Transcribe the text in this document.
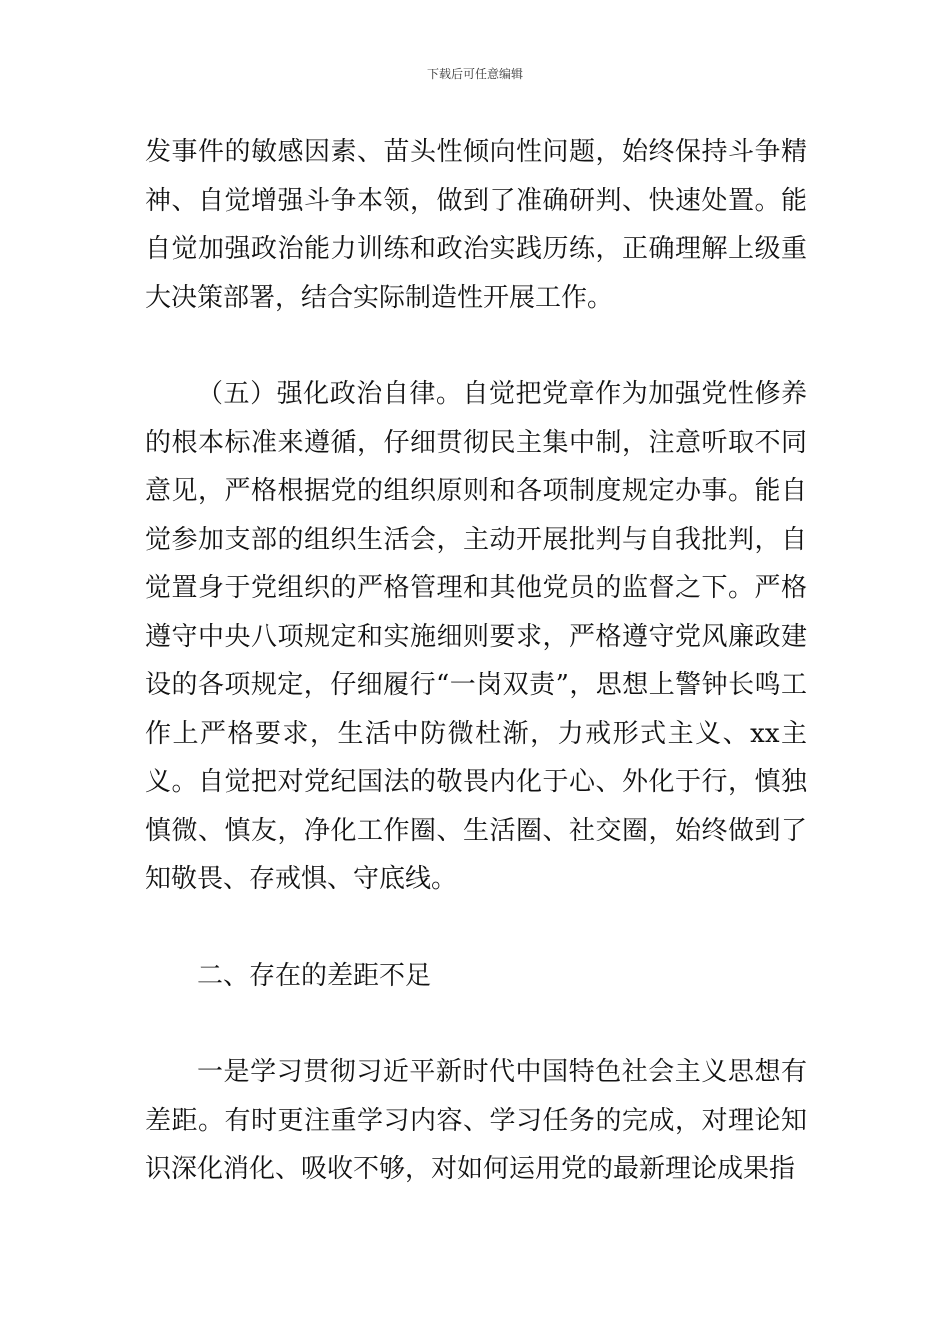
下载后可任意编辑

发事件的敏感因素、苗头性倾向性问题，始终保持斗争精神、自觉增强斗争本领，做到了准确研判、快速处置。能自觉加强政治能力训练和政治实践历练，正确理解上级重大决策部署，结合实际制造性开展工作。

（五）强化政治自律。自觉把党章作为加强党性修养的根本标准来遵循，仔细贯彻民主集中制，注意听取不同意见，严格根据党的组织原则和各项制度规定办事。能自觉参加支部的组织生活会，主动开展批判与自我批判，自觉置身于党组织的严格管理和其他党员的监督之下。严格遵守中央八项规定和实施细则要求，严格遵守党风廉政建设的各项规定，仔细履行“一岗双责”，思想上警钟长鸣工作上严格要求，生活中防微杜渐，力戒形式主义、xx主义。自觉把对党纪国法的敬畏内化于心、外化于行，慎独慎微、慎友，净化工作圈、生活圈、社交圈，始终做到了知敬畏、存戒惧、守底线。

二、存在的差距不足

一是学习贯彻习近平新时代中国特色社会主义思想有差距。有时更注重学习内容、学习任务的完成，对理论知识深化消化、吸收不够，对如何运用党的最新理论成果指
